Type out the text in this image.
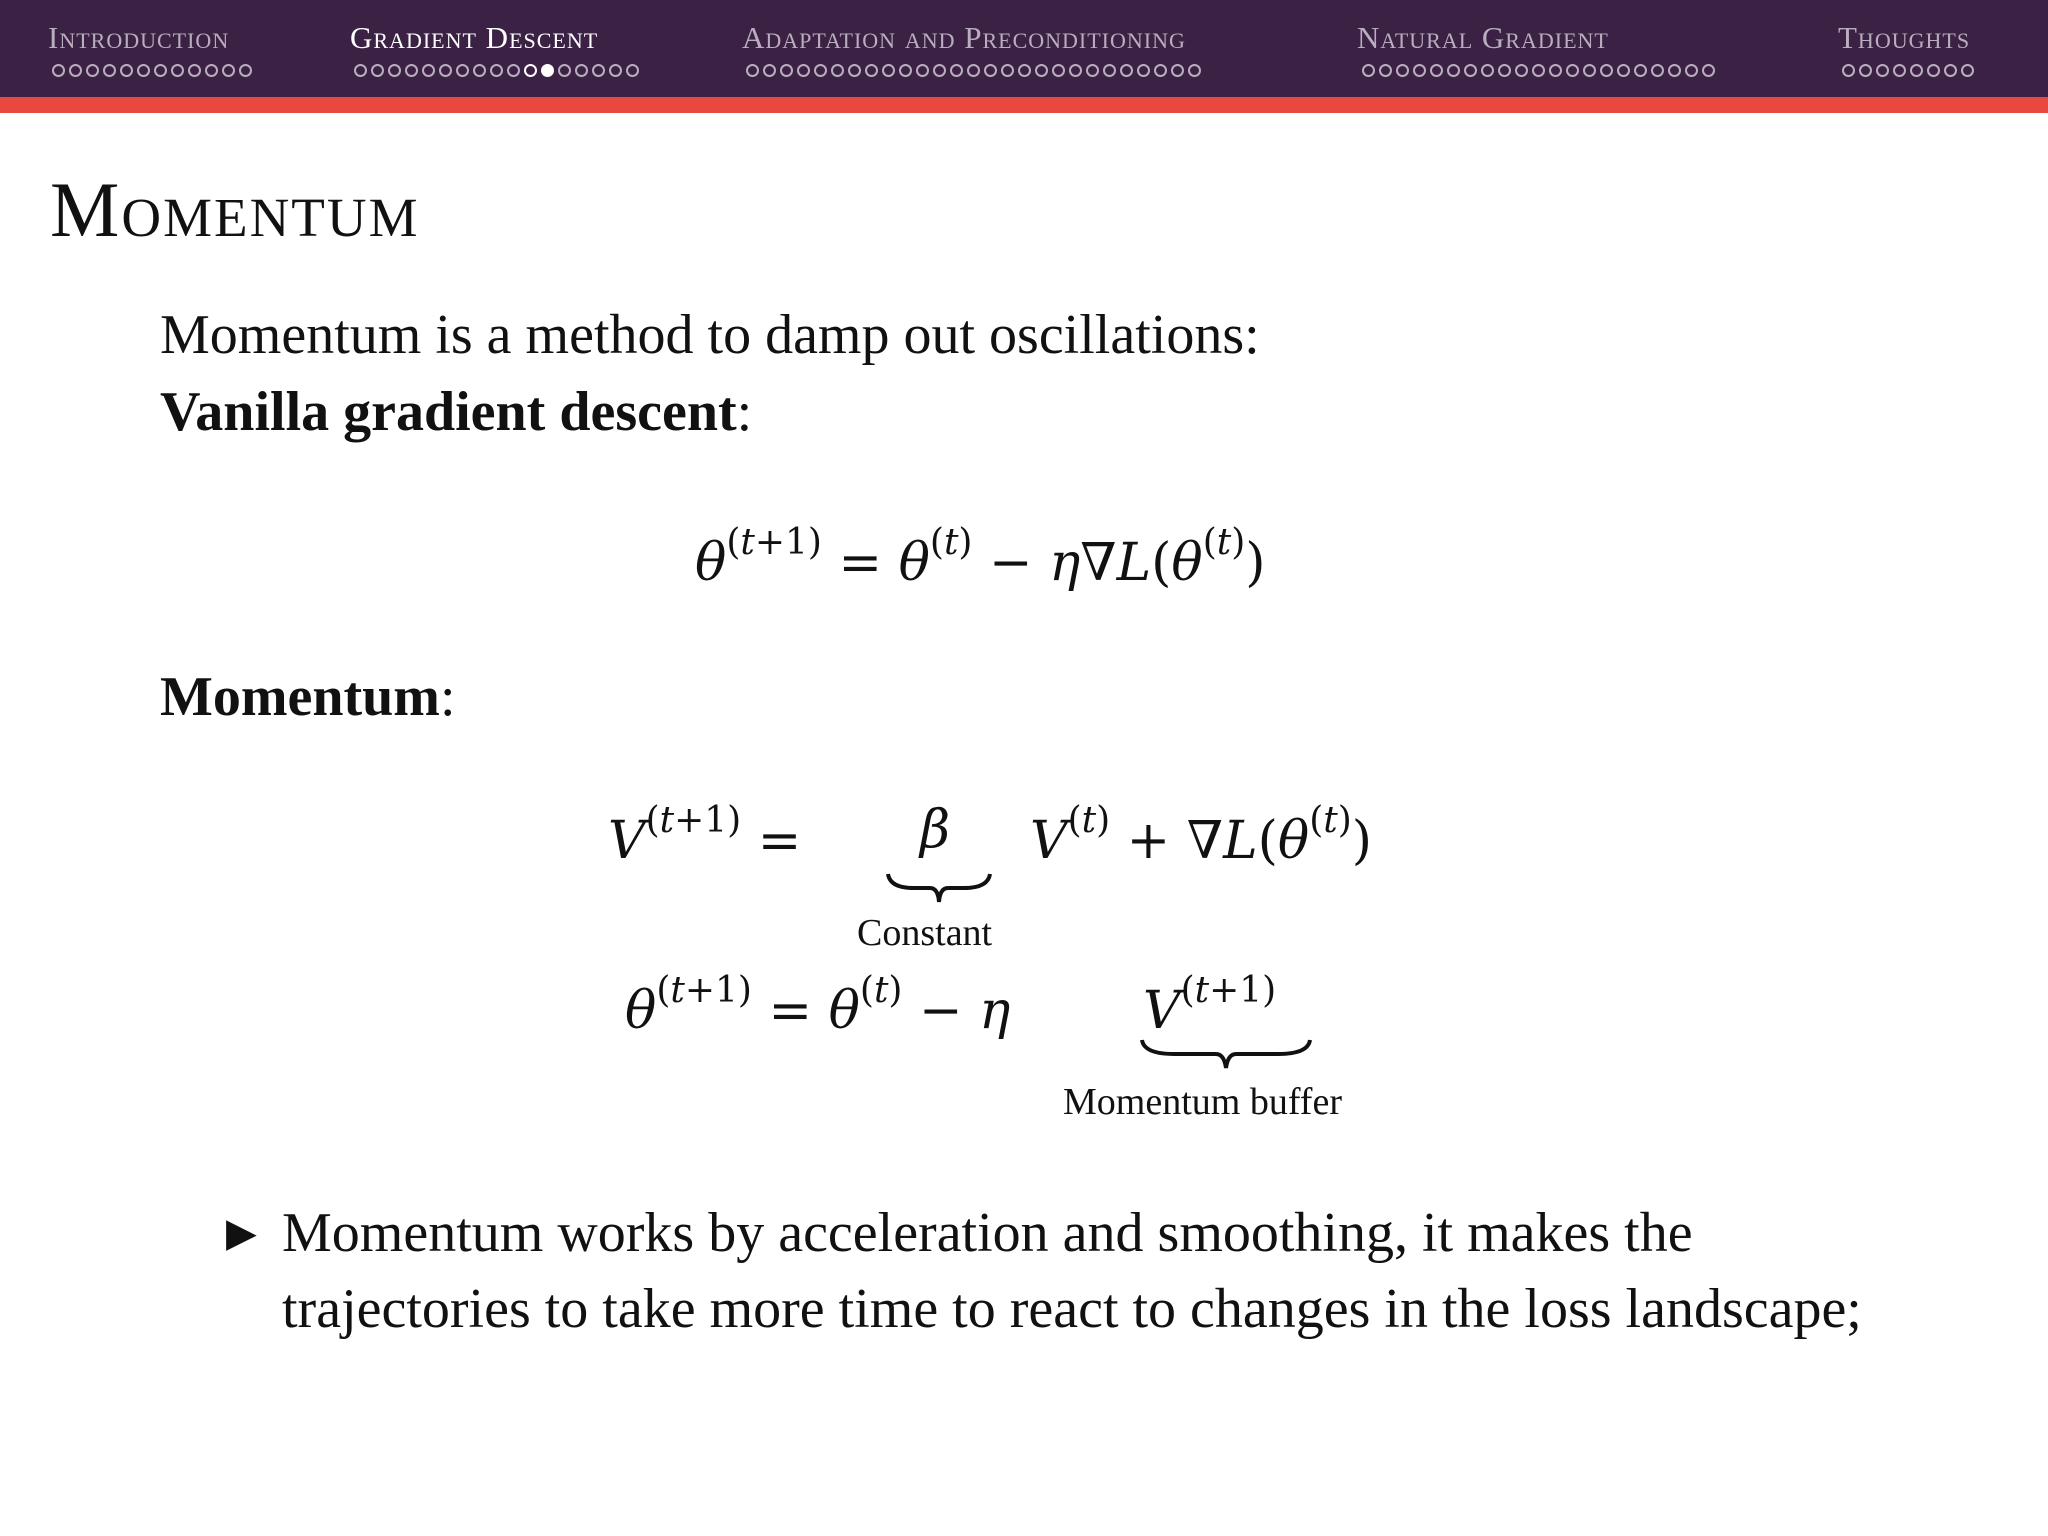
Introduction	Gradient Descent	Adaptation and Preconditioning	Natural Gradient	Thoughts
Momentum
Momentum is a method to damp out oscillations:
Vanilla gradient descent:
$\theta^{(t+1)} = \theta^{(t)} - \eta\nabla L(\theta^{(t)})$
Momentum:
$V^{(t+1)} = \beta$ $V^{(t)} + \nabla L(\theta^{(t)})$
Constant
$\theta^{(t+1)} = \theta^{(t)} - \eta$	$V^{(t+1)}$
Momentum buffer
▶ Momentum works by acceleration and smoothing, it makes the trajectories to take more time to react to changes in the loss landscape;
